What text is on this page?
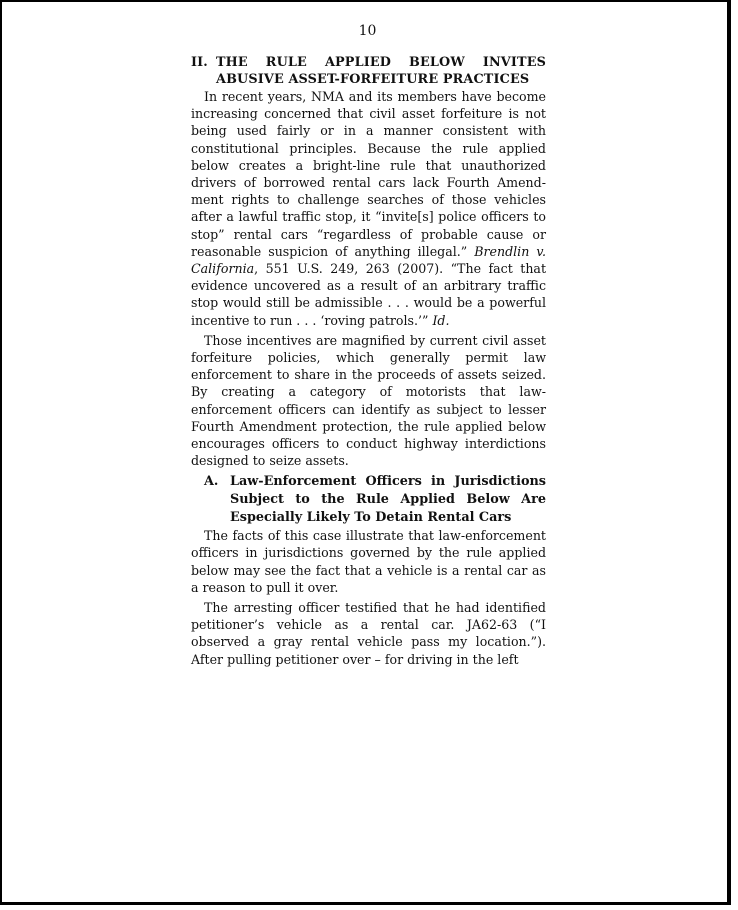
10
II. THE RULE APPLIED BELOW INVITES
ABUSIVE ASSET-FORFEITURE PRACTICES

In recent years, NMA and its members have become increasing concerned that civil asset forfeiture is not being used fairly or in a manner consistent with constitutional principles. Because the rule applied below creates a bright-line rule that unauthorized drivers of borrowed rental cars lack Fourth Amend-ment rights to challenge searches of those vehicles after a lawful traffic stop, it “invite[s] police officers to stop” rental cars “regardless of probable cause or reasonable suspicion of anything illegal.” Brendlin v. California, 551 U.S. 249, 263 (2007). “The fact that evidence uncovered as a result of an arbitrary traffic stop would still be admissible . . . would be a powerful incentive to run . . . ‘roving patrols.’” Id.

Those incentives are magnified by current civil asset forfeiture policies, which generally permit law enforcement to share in the proceeds of assets seized. By creating a category of motorists that law-enforcement officers can identify as subject to lesser Fourth Amendment protection, the rule applied below encourages officers to conduct highway interdictions designed to seize assets.

A. Law-Enforcement Officers in Jurisdictions Subject to the Rule Applied Below Are Especially Likely To Detain Rental Cars

The facts of this case illustrate that law-enforcement officers in jurisdictions governed by the rule applied below may see the fact that a vehicle is a rental car as a reason to pull it over.

The arresting officer testified that he had identified petitioner’s vehicle as a rental car. JA62-63 (“I observed a gray rental vehicle pass my location.”). After pulling petitioner over – for driving in the left
